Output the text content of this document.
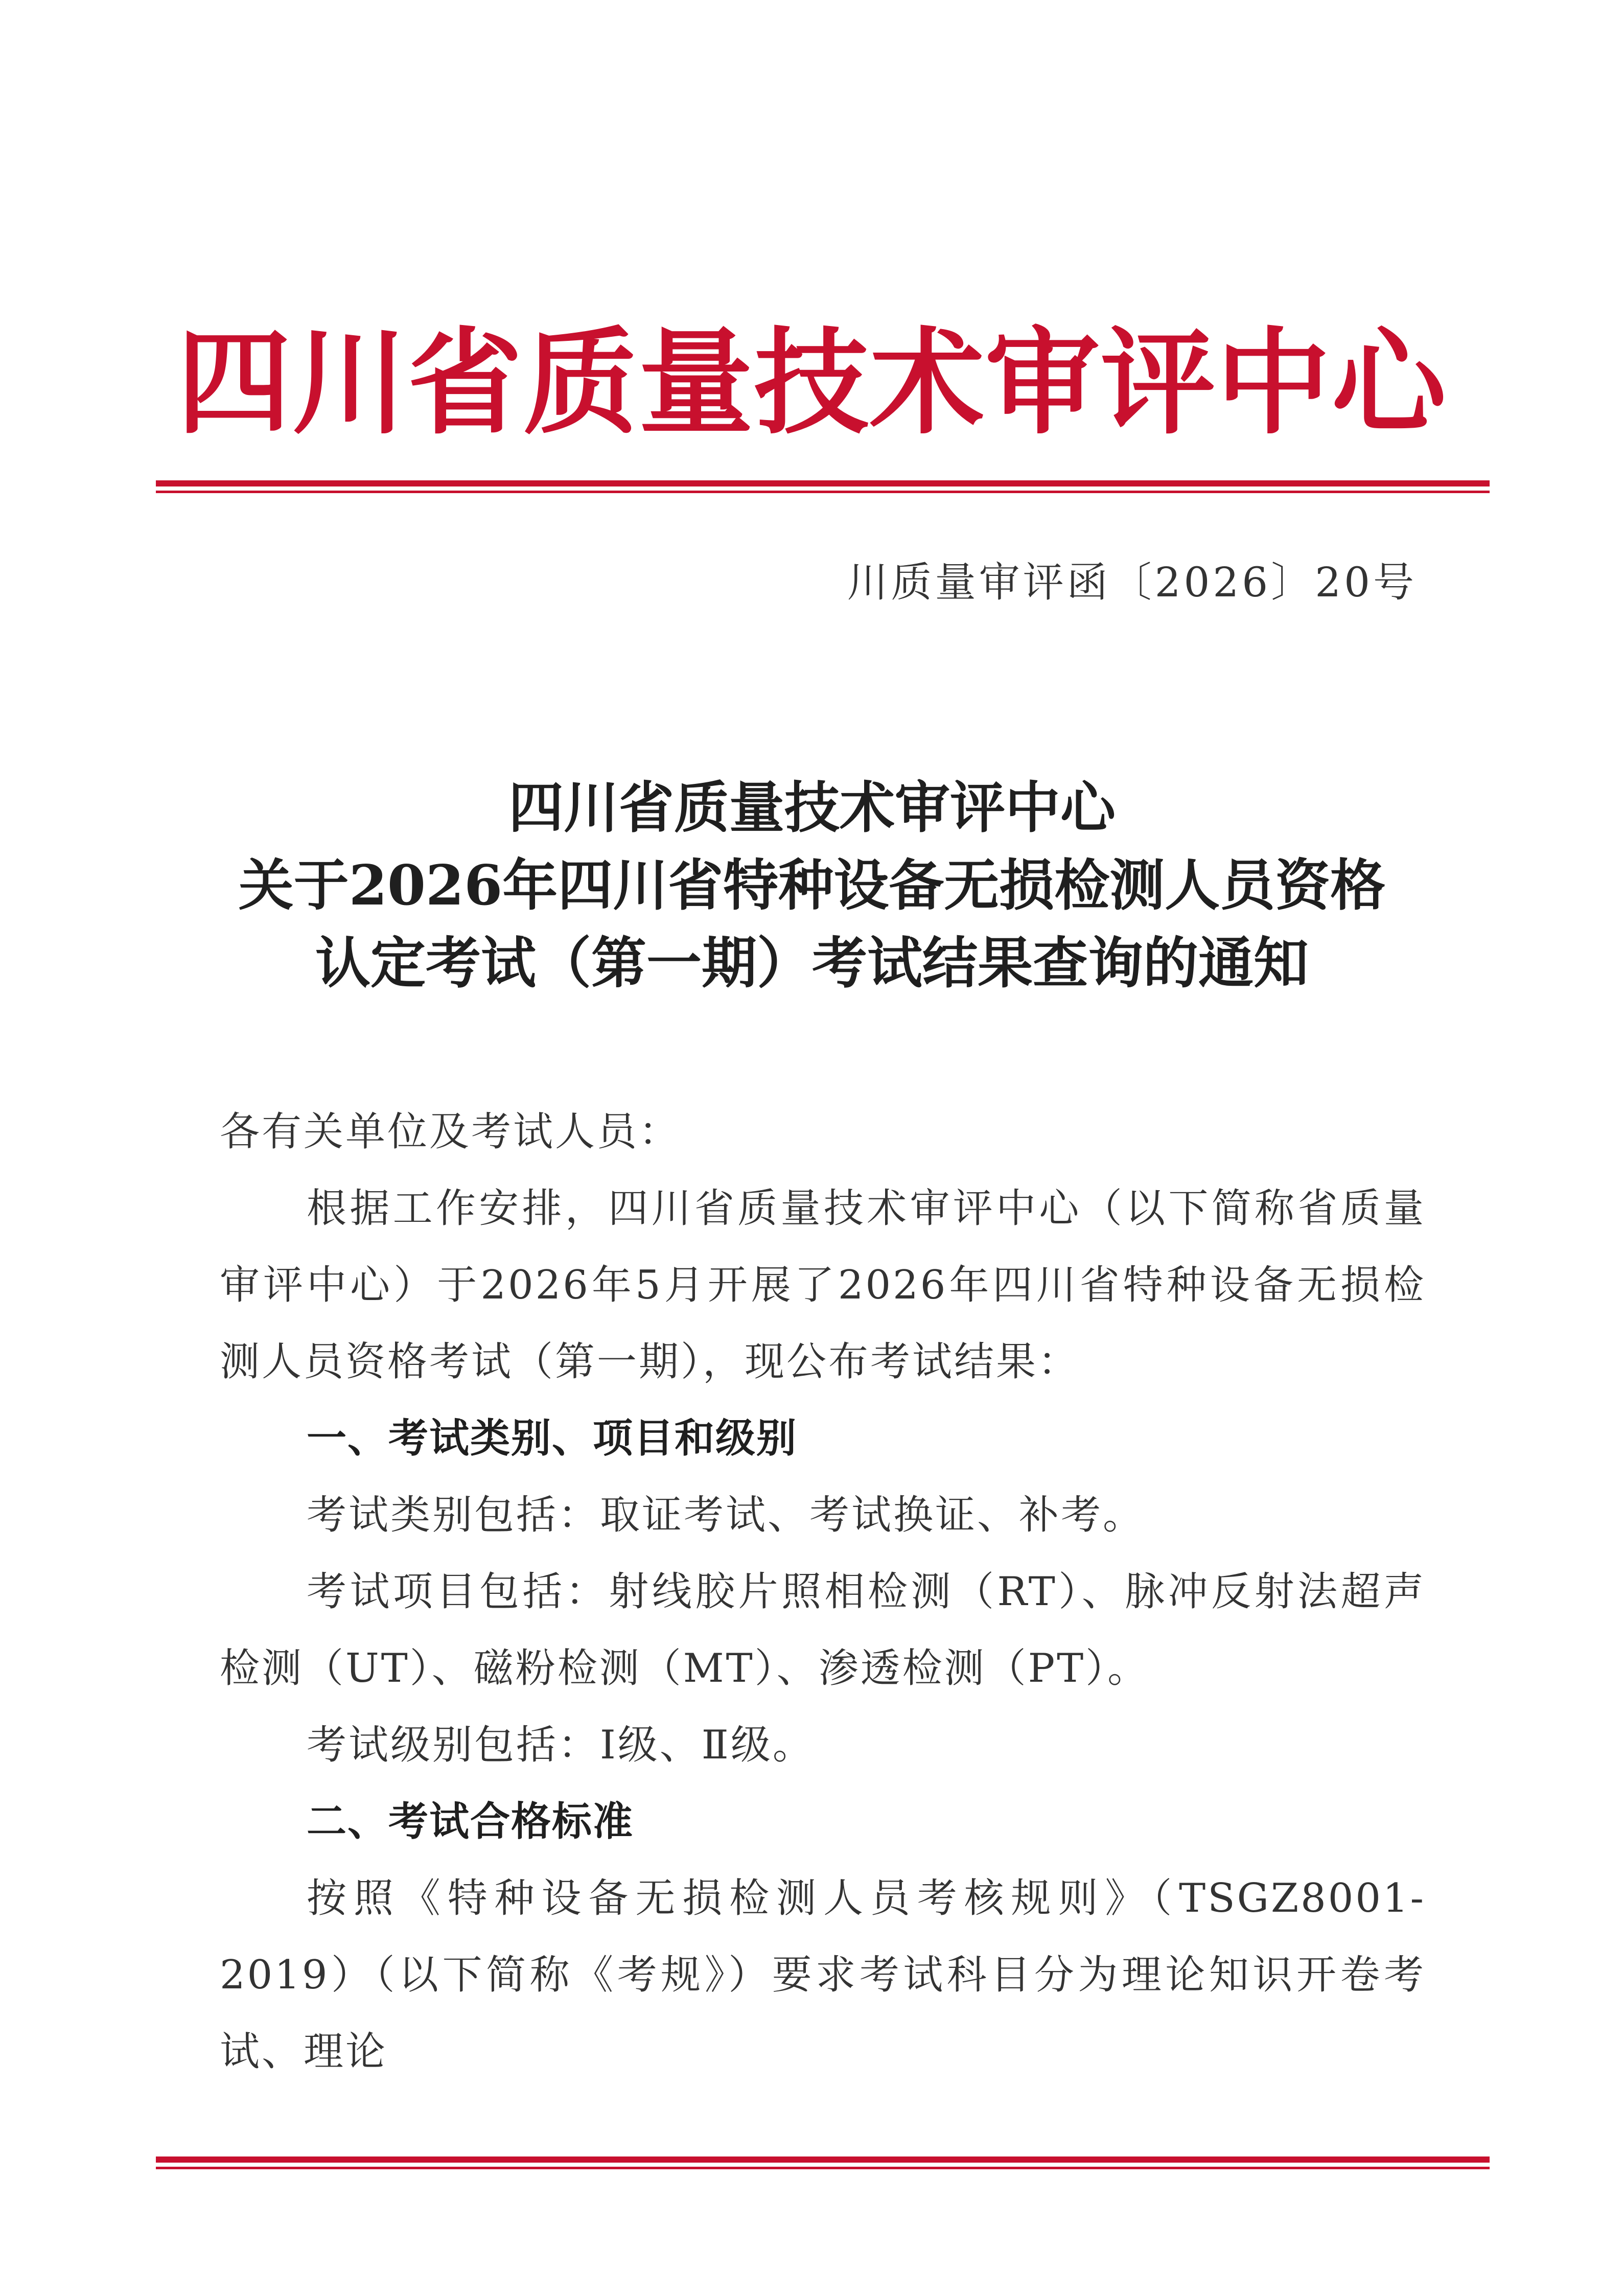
四川省质量技术审评中心
川质量审评函〔2026〕20号
四川省质量技术审评中心
关于2026年四川省特种设备无损检测人员资格
认定考试（第一期）考试结果查询的通知

各有关单位及考试人员：

根据工作安排，四川省质量技术审评中心（以下简称省质量审评中心）于2026年5月开展了2026年四川省特种设备无损检测人员资格考试（第一期），现公布考试结果：

一、考试类别、项目和级别

考试类别包括：取证考试、考试换证、补考。

考试项目包括：射线胶片照相检测（RT）、脉冲反射法超声检测（UT）、磁粉检测（MT）、渗透检测（PT）。

考试级别包括：Ⅰ级、Ⅱ级。

二、考试合格标准

按照《特种设备无损检测人员考核规则》（TSGZ8001-2019）（以下简称《考规》）要求考试科目分为理论知识开卷考试、理论
